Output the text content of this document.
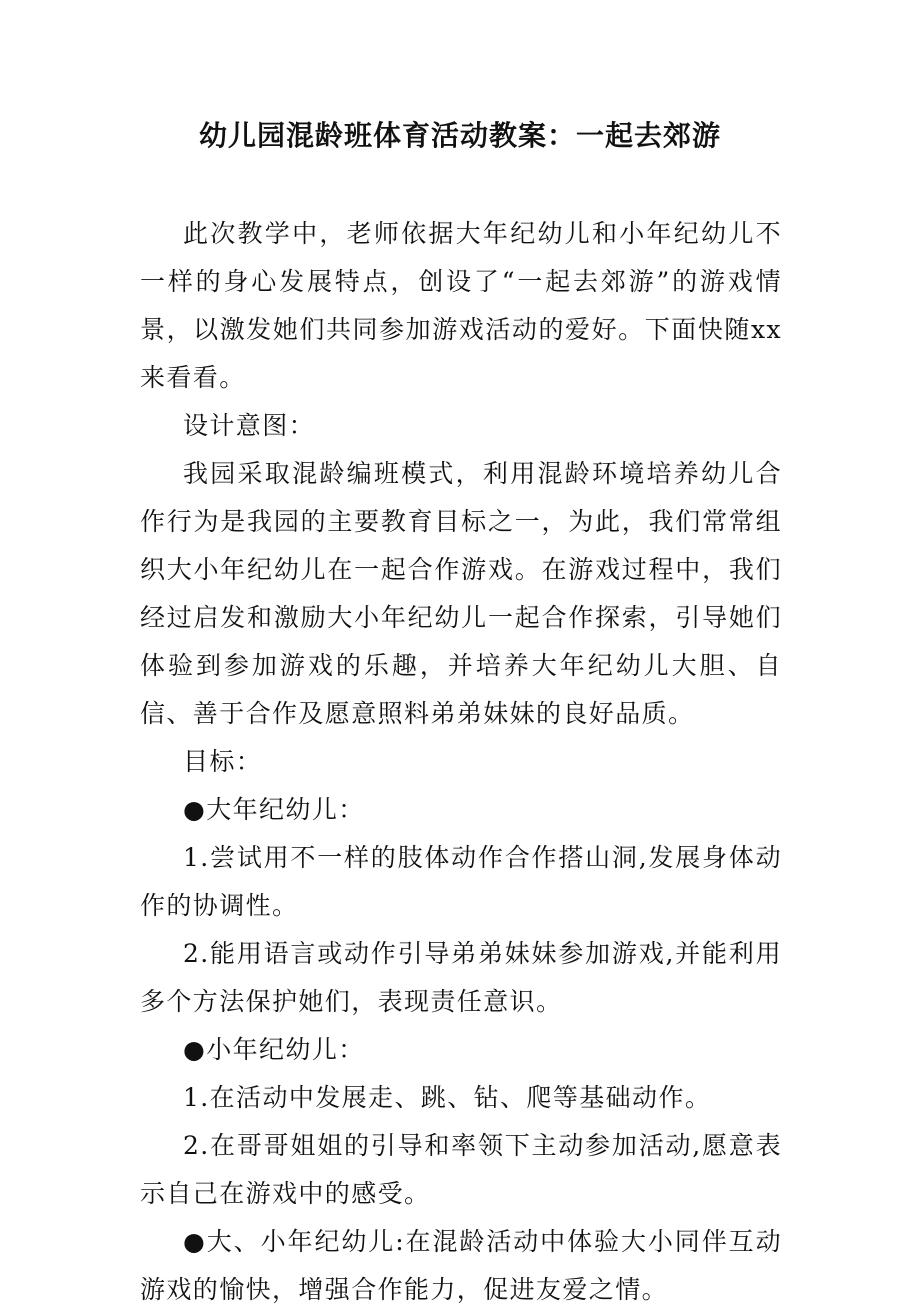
幼儿园混龄班体育活动教案：一起去郊游

此次教学中，老师依据大年纪幼儿和小年纪幼儿不一样的身心发展特点，创设了“一起去郊游”的游戏情景，以激发她们共同参加游戏活动的爱好。下面快随xx来看看。

设计意图：

我园采取混龄编班模式，利用混龄环境培养幼儿合作行为是我园的主要教育目标之一，为此，我们常常组织大小年纪幼儿在一起合作游戏。在游戏过程中，我们经过启发和激励大小年纪幼儿一起合作探索，引导她们体验到参加游戏的乐趣，并培养大年纪幼儿大胆、自信、善于合作及愿意照料弟弟妹妹的良好品质。

目标：

●大年纪幼儿：

1.尝试用不一样的肢体动作合作搭山洞,发展身体动作的协调性。

2.能用语言或动作引导弟弟妹妹参加游戏,并能利用多个方法保护她们，表现责任意识。

●小年纪幼儿：

1.在活动中发展走、跳、钻、爬等基础动作。

2.在哥哥姐姐的引导和率领下主动参加活动,愿意表示自己在游戏中的感受。

●大、小年纪幼儿:在混龄活动中体验大小同伴互动游戏的愉快，增强合作能力，促进友爱之情。
